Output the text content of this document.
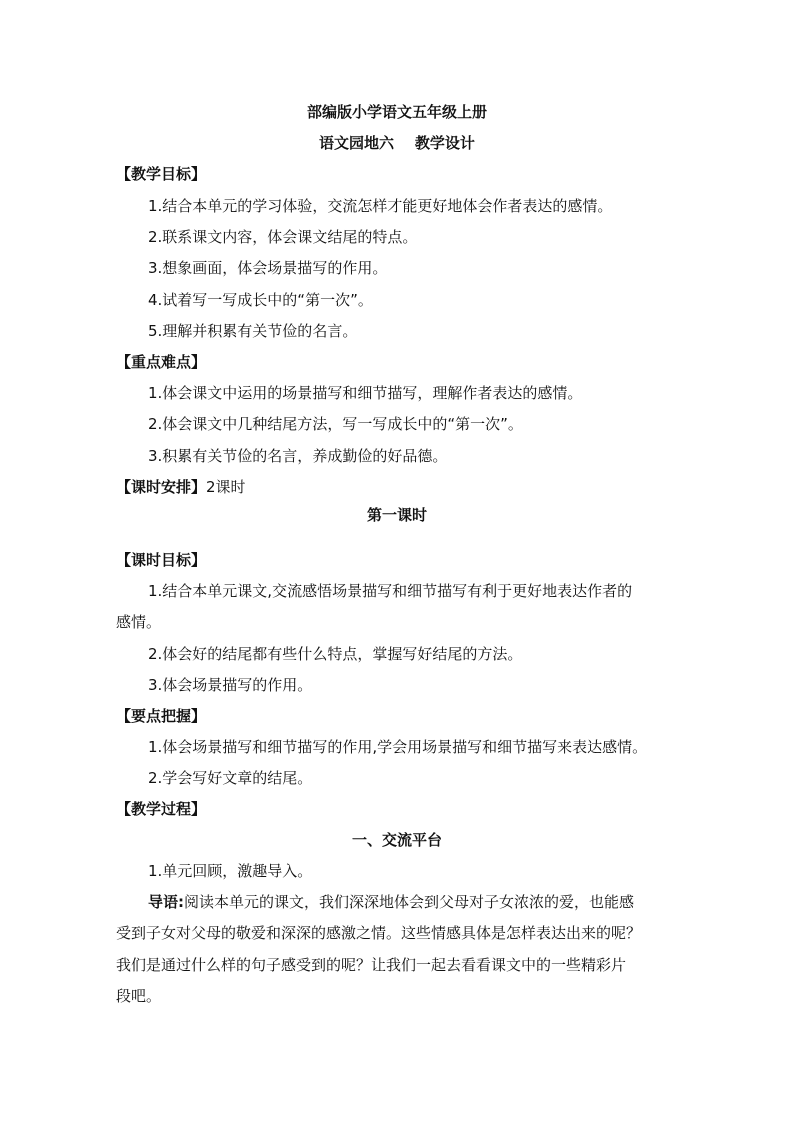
部编版小学语文五年级上册
语文园地六    教学设计
【教学目标】
1.结合本单元的学习体验，交流怎样才能更好地体会作者表达的感情。
2.联系课文内容，体会课文结尾的特点。
3.想象画面，体会场景描写的作用。
4.试着写一写成长中的“第一次”。
5.理解并积累有关节俭的名言。
【重点难点】
1.体会课文中运用的场景描写和细节描写，理解作者表达的感情。
2.体会课文中几种结尾方法，写一写成长中的“第一次”。
3.积累有关节俭的名言，养成勤俭的好品德。
【课时安排】2课时
第一课时
【课时目标】
1.结合本单元课文,交流感悟场景描写和细节描写有利于更好地表达作者的
感情。
2.体会好的结尾都有些什么特点，掌握写好结尾的方法。
3.体会场景描写的作用。
【要点把握】
1.体会场景描写和细节描写的作用,学会用场景描写和细节描写来表达感情。
2.学会写好文章的结尾。
【教学过程】
一、交流平台
1.单元回顾，激趣导入。
导语:阅读本单元的课文，我们深深地体会到父母对子女浓浓的爱，也能感
受到子女对父母的敬爱和深深的感激之情。这些情感具体是怎样表达出来的呢？
我们是通过什么样的句子感受到的呢？让我们一起去看看课文中的一些精彩片
段吧。
